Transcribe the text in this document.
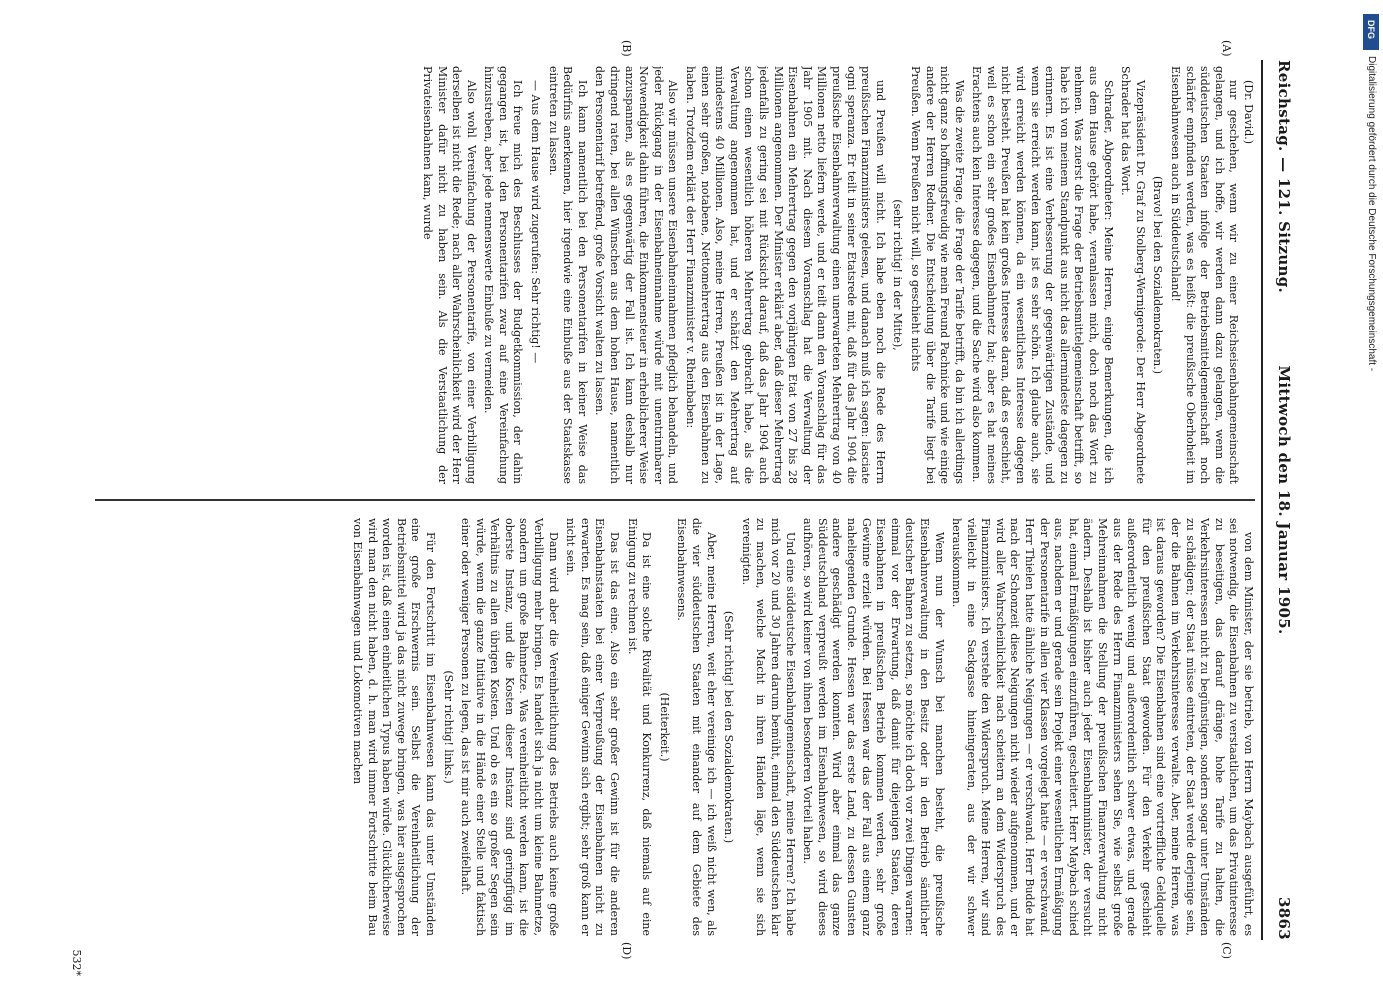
Reichstag. — 121. Sitzung.
Mittwoch den 18. Januar 1905.
3863
(A)
(B)
(C)
(D)

(Dr. David.)

nur geschehen, wenn wir zu einer Reichseisenbahngemeinschaft gelangen, und ich hoffe, wir werden dann dazu gelangen, wenn die süddeutschen Staaten infolge der Betriebsmittelgemeinschaft noch schärfer empfinden werden, was es heißt: die preußische Oberhoheit im Eisenbahnwesen auch in Süddeutschland!

(Bravo! bei den Sozialdemokraten.)

Vizepräsident Dr. Graf zu Stolberg-Wernigerode: Der Herr Abgeordnete Schrader hat das Wort.

Schrader, Abgeordneter: Meine Herren, einige Bemerkungen, die ich aus dem Hause gehört habe, veranlassen mich, doch noch das Wort zu nehmen. Was zuerst die Frage der Betriebsmittelgemeinschaft betrifft, so habe ich von meinem Standpunkt aus nicht das allermindeste dagegen zu erinnern. Es ist eine Verbesserung der gegenwärtigen Zustände, und wenn sie erreicht werden kann, ist es sehr schön. Ich glaube auch, sie wird erreicht werden können, da ein wesentliches Interesse dagegen nicht besteht. Preußen hat kein großes Interesse daran, daß es geschieht, weil es schon ein sehr großes Eisenbahnnetz hat; aber es hat meines Erachtens auch kein Interesse dagegen, und die Sache wird also kommen.

Was die zweite Frage, die Frage der Tarife betrifft, da bin ich allerdings nicht ganz so hoffnungsfreudig wie mein Freund Pachnicke und wie einige andere der Herren Redner. Die Entscheidung über die Tarife liegt bei Preußen. Wenn Preußen nicht will, so geschieht nichts

(sehr richtig! in der Mitte),

und Preußen will nicht. Ich habe eben noch die Rede des Herrn preußischen Finanzministers gelesen, und danach muß ich sagen: lasciate ogni speranza. Er teilt in seiner Etatsrede mit, daß für das Jahr 1904 die preußische Eisenbahnverwaltung einen unerwarteten Mehrertrag von 40 Millionen netto liefern werde, und er teilt dann den Voranschlag für das Jahr 1905 mit. Nach diesem Voranschlag hat die Verwaltung der Eisenbahnen ein Mehrertrag gegen den vorjährigen Etat von 27 bis 28 Millionen angenommen. Der Minister erklärt aber, daß dieser Mehrertrag jedenfalls zu gering sei mit Rücksicht darauf, daß das Jahr 1904 auch schon einen wesentlich höheren Mehrertrag gebracht habe, als die Verwaltung angenommen hat, und er schätzt den Mehrertrag auf mindestens 40 Millionen. Also, meine Herren, Preußen ist in der Lage, einen sehr großen, notabene, Nettomehrertrag aus den Eisenbahnen zu haben. Trotzdem erklärt der Herr Finanzminister v. Rheinbaben:

Also wir müssen unsere Eisenbahneinnahmen pfleglich behandeln, und jeder Rückgang in der Eisenbahneinnahme würde mit unentrinnbarer Notwendigkeit dahin führen, die Einkommensteuer in erheblicherer Weise anzuspannen, als es gegenwärtig der Fall ist. Ich kann deshalb nur dringend raten, bei allen Wünschen aus dem hohen Hause, namentlich den Personentarif betreffend, große Vorsicht walten zu lassen.

Ich kann namentlich bei den Personentarifen in keiner Weise das Bedürfnis anerkennen, hier irgendwie eine Einbuße aus der Staatskasse eintreten zu lassen.

— Aus dem Hause wird zugerufen: Sehr richtig! —

Ich freue mich des Beschlusses der Budgetkommission, der dahin gegangen ist, bei den Personentarifen zwar auf eine Vereinfachung hinzustreben, aber jede nennenswerte Einbuße zu vermeiden.

Also wohl Vereinfachung der Personentarife, von einer Verbilligung derselben ist nicht die Rede; nach aller Wahrscheinlichkeit wird der Herr Minister dafür nicht zu haben sein. Als die Verstaatlichung der Privateisenbahnen kam, wurde

von dem Minister, der sie betrieb, von Herrn Maybach ausgeführt, es sei notwendig, die Eisenbahnen zu verstaatlichen, um das Privatinteresse zu beseitigen, das darauf dränge, hohe Tarife zu halten, die Verkehrsinteressen nicht zu begünstigen, sondern sogar unter Umständen zu schädigen; der Staat müsse eintreten, der Staat werde derjenige sein, der die Bahnen im Verkehrsinteresse verwalte. Aber, meine Herren, was ist daraus geworden? Die Eisenbahnen sind eine vortreffliche Geldquelle für den preußischen Staat geworden. Für den Verkehr geschieht außerordentlich wenig und außerordentlich schwer etwas, und gerade aus der Rede des Herrn Finanzministers sehen Sie, wie selbst große Mehreinnahmen die Stellung der preußischen Finanzverwaltung nicht ändern. Deshalb ist bisher auch jeder Eisenbahnminister, der versucht hat, einmal Ermäßigungen einzuführen, gescheitert. Herr Maybach schied aus, nachdem er und gerade sein Projekt einer wesentlichen Ermäßigung der Personentarife in allen vier Klassen vorgelegt hatte — er verschwand. Herr Thielen hatte ähnliche Neigungen — er verschwand. Herr Budde hat nach der Schonzeit diese Neigungen nicht wieder aufgenommen, und er wird aller Wahrscheinlichkeit nach scheitern an dem Widerspruch des Finanzministers. Ich verstehe den Widerspruch. Meine Herren, wir sind vielleicht in eine Sackgasse hineingeraten, aus der wir schwer herauskommen.

Wenn nun der Wunsch bei manchen besteht, die preußische Eisenbahnverwaltung in den Besitz oder in den Betrieb sämtlicher deutscher Bahnen zu setzen, so möchte ich doch vor zwei Dingen warnen: einmal vor der Erwartung, daß damit für diejenigen Staaten, deren Eisenbahnen in preußischen Betrieb kommen werden, sehr große Gewinne erzielt würden. Bei Hessen war das der Fall aus einem ganz naheliegenden Grunde. Hessen war das erste Land, zu dessen Gunsten andere geschädigt werden konnten. Wird aber einmal das ganze Süddeutschland verpreußt werden im Eisenbahnwesen, so wird dieses aufhören, so wird keiner von ihnen besonderen Vorteil haben.

Und eine süddeutsche Eisenbahngemeinschaft, meine Herren? Ich habe mich vor 20 und 30 Jahren darum bemüht, einmal den Süddeutschen klar zu machen, welche Macht in ihren Händen läge, wenn sie sich vereinigten.

(Sehr richtig! bei den Sozialdemokraten.)

Aber, meine Herren, weit eher vereinige ich — ich weiß nicht wen, als die vier süddeutschen Staaten mit einander auf dem Gebiete des Eisenbahnwesens.

(Heiterkeit.)

Da ist eine solche Rivalität und Konkurrenz, daß niemals auf eine Einigung zu rechnen ist.

Das ist das eine. Also ein sehr großer Gewinn ist für die anderen Eisenbahnstaaten bei einer Verpreußung der Eisenbahnen nicht zu erwarten. Es mag sein, daß einiger Gewinn sich ergibt; sehr groß kann er nicht sein.

Dann wird aber die Vereinheitlichung des Betriebs auch keine große Verbilligung mehr bringen. Es handelt sich ja nicht um kleine Bahnnetze, sondern um große Bahnnetze. Was vereinheitlicht werden kann, ist die oberste Instanz, und die Kosten dieser Instanz sind geringfügig im Verhältnis zu allen übrigen Kosten. Und ob es ein so großer Segen sein würde, wenn die ganze Initiative in die Hände einer Stelle und faktisch einer oder weniger Personen zu legen, das ist mir auch zweifelhaft.

(Sehr richtig! links.)

Für den Fortschritt im Eisenbahnwesen kann das unter Umständen eine große Erschwernis sein. Selbst die Vereinheitlichung der Betriebsmittel wird ja das nicht zuwege bringen, was hier ausgesprochen worden ist, daß einen einheitlichen Typus haben würde. Glücklicherweise wird man den nicht haben, d. h. man wird immer Fortschritte beim Bau von Eisenbahnwagen und Lokomotiven machen

532*
DFG
Digitalisierung gefördert durch die Deutsche Forschungsgemeinschaft -
